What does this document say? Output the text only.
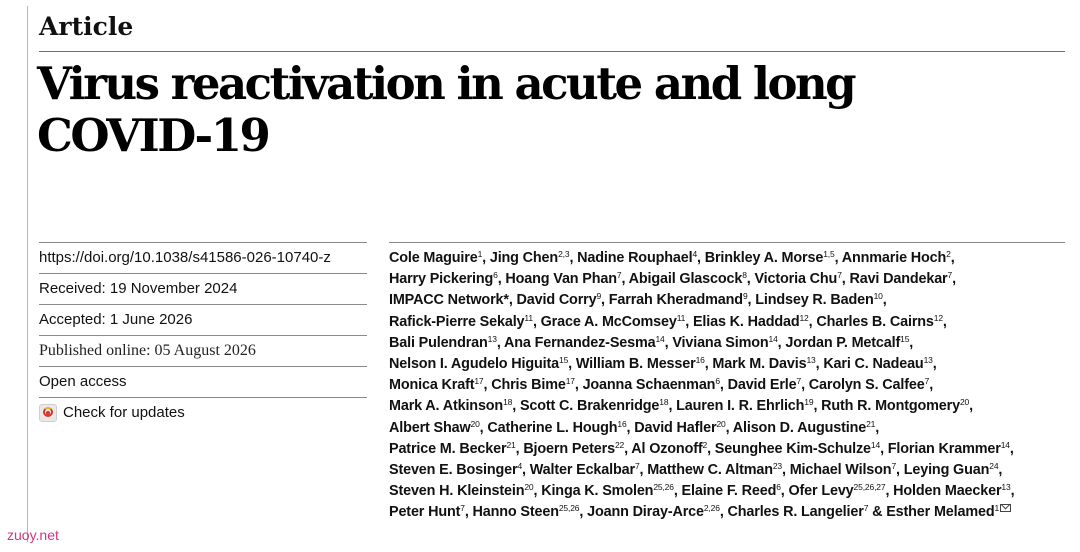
Article
Virus reactivation in acute and long
COVID-19
https://doi.org/10.1038/s41586-026-10740-z
Received: 19 November 2024
Accepted: 1 June 2026
Published online: 05 August 2026
Open access
Check for updates
Cole Maguire$^1$, Jing Chen$^{2,3}$, Nadine Rouphael$^4$, Brinkley A. Morse$^{1,5}$, Annmarie Hoch$^2$,
Harry Pickering$^6$, Hoang Van Phan$^7$, Abigail Glascock$^8$, Victoria Chu$^7$, Ravi Dandekar$^7$,
IMPACC Network*, David Corry$^9$, Farrah Kheradmand$^9$, Lindsey R. Baden$^{10}$,
Rafick-Pierre Sekaly$^{11}$, Grace A. McComsey$^{11}$, Elias K. Haddad$^{12}$, Charles B. Cairns$^{12}$,
Bali Pulendran$^{13}$, Ana Fernandez-Sesma$^{14}$, Viviana Simon$^{14}$, Jordan P. Metcalf$^{15}$,
Nelson I. Agudelo Higuita$^{15}$, William B. Messer$^{16}$, Mark M. Davis$^{13}$, Kari C. Nadeau$^{13}$,
Monica Kraft$^{17}$, Chris Bime$^{17}$, Joanna Schaenman$^6$, David Erle$^7$, Carolyn S. Calfee$^7$,
Mark A. Atkinson$^{18}$, Scott C. Brakenridge$^{18}$, Lauren I. R. Ehrlich$^{19}$, Ruth R. Montgomery$^{20}$,
Albert Shaw$^{20}$, Catherine L. Hough$^{16}$, David Hafler$^{20}$, Alison D. Augustine$^{21}$,
Patrice M. Becker$^{21}$, Bjoern Peters$^{22}$, Al Ozonoff$^2$, Seunghee Kim-Schulze$^{14}$, Florian Krammer$^{14}$,
Steven E. Bosinger$^4$, Walter Eckalbar$^7$, Matthew C. Altman$^{23}$, Michael Wilson$^7$, Leying Guan$^{24}$,
Steven H. Kleinstein$^{20}$, Kinga K. Smolen$^{25,26}$, Elaine F. Reed$^6$, Ofer Levy$^{25,26,27}$, Holden Maecker$^{13}$,
Peter Hunt$^7$, Hanno Steen$^{25,26}$, Joann Diray-Arce$^{2,26}$, Charles R. Langelier$^7$ & Esther Melamed$^1$
zuoy.net
